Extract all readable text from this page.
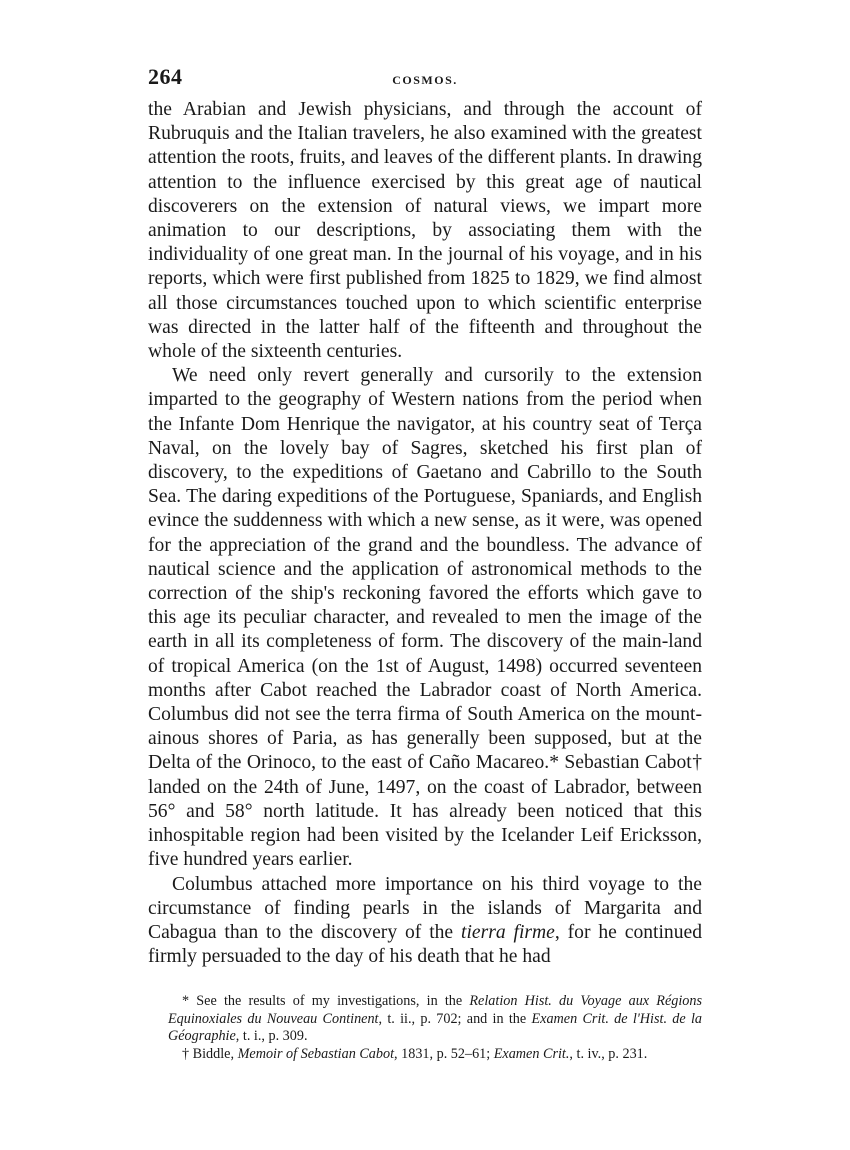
264	COSMOS.

the Arabian and Jewish physicians, and through the account of Rubruquis and the Italian travelers, he also examined with the greatest attention the roots, fruits, and leaves of the different plants. In drawing attention to the influence exercised by this great age of nautical discoverers on the extension of natural views, we impart more animation to our descriptions, by associating them with the individuality of one great man. In the journal of his voyage, and in his reports, which were first published from 1825 to 1829, we find almost all those circumstances touched upon to which scientific enterprise was directed in the latter half of the fifteenth and throughout the whole of the sixteenth centuries.

We need only revert generally and cursorily to the extension imparted to the geography of Western nations from the period when the Infante Dom Henrique the navigator, at his country seat of Terça Naval, on the lovely bay of Sagres, sketched his first plan of discovery, to the expeditions of Gaetano and Cabrillo to the South Sea. The daring expeditions of the Portuguese, Spaniards, and English evince the suddenness with which a new sense, as it were, was opened for the appreciation of the grand and the boundless. The advance of nautical science and the application of astronomical methods to the correction of the ship's reckoning favored the efforts which gave to this age its peculiar character, and revealed to men the image of the earth in all its completeness of form. The discovery of the main-land of tropical America (on the 1st of August, 1498) occurred seventeen months after Cabot reached the Labrador coast of North America. Columbus did not see the terra firma of South America on the mountainous shores of Paria, as has generally been supposed, but at the Delta of the Orinoco, to the east of Caño Macareo.* Sebastian Cabot† landed on the 24th of June, 1497, on the coast of Labrador, between 56° and 58° north latitude. It has already been noticed that this inhospitable region had been visited by the Icelander Leif Ericksson, five hundred years earlier.

Columbus attached more importance on his third voyage to the circumstance of finding pearls in the islands of Margarita and Cabagua than to the discovery of the tierra firme, for he continued firmly persuaded to the day of his death that he had

* See the results of my investigations, in the Relation Hist. du Voyage aux Régions Equinoxiales du Nouveau Continent, t. ii., p. 702; and in the Examen Crit. de l'Hist. de la Géographie, t. i., p. 309.

† Biddle, Memoir of Sebastian Cabot, 1831, p. 52–61; Examen Crit., t. iv., p. 231.
